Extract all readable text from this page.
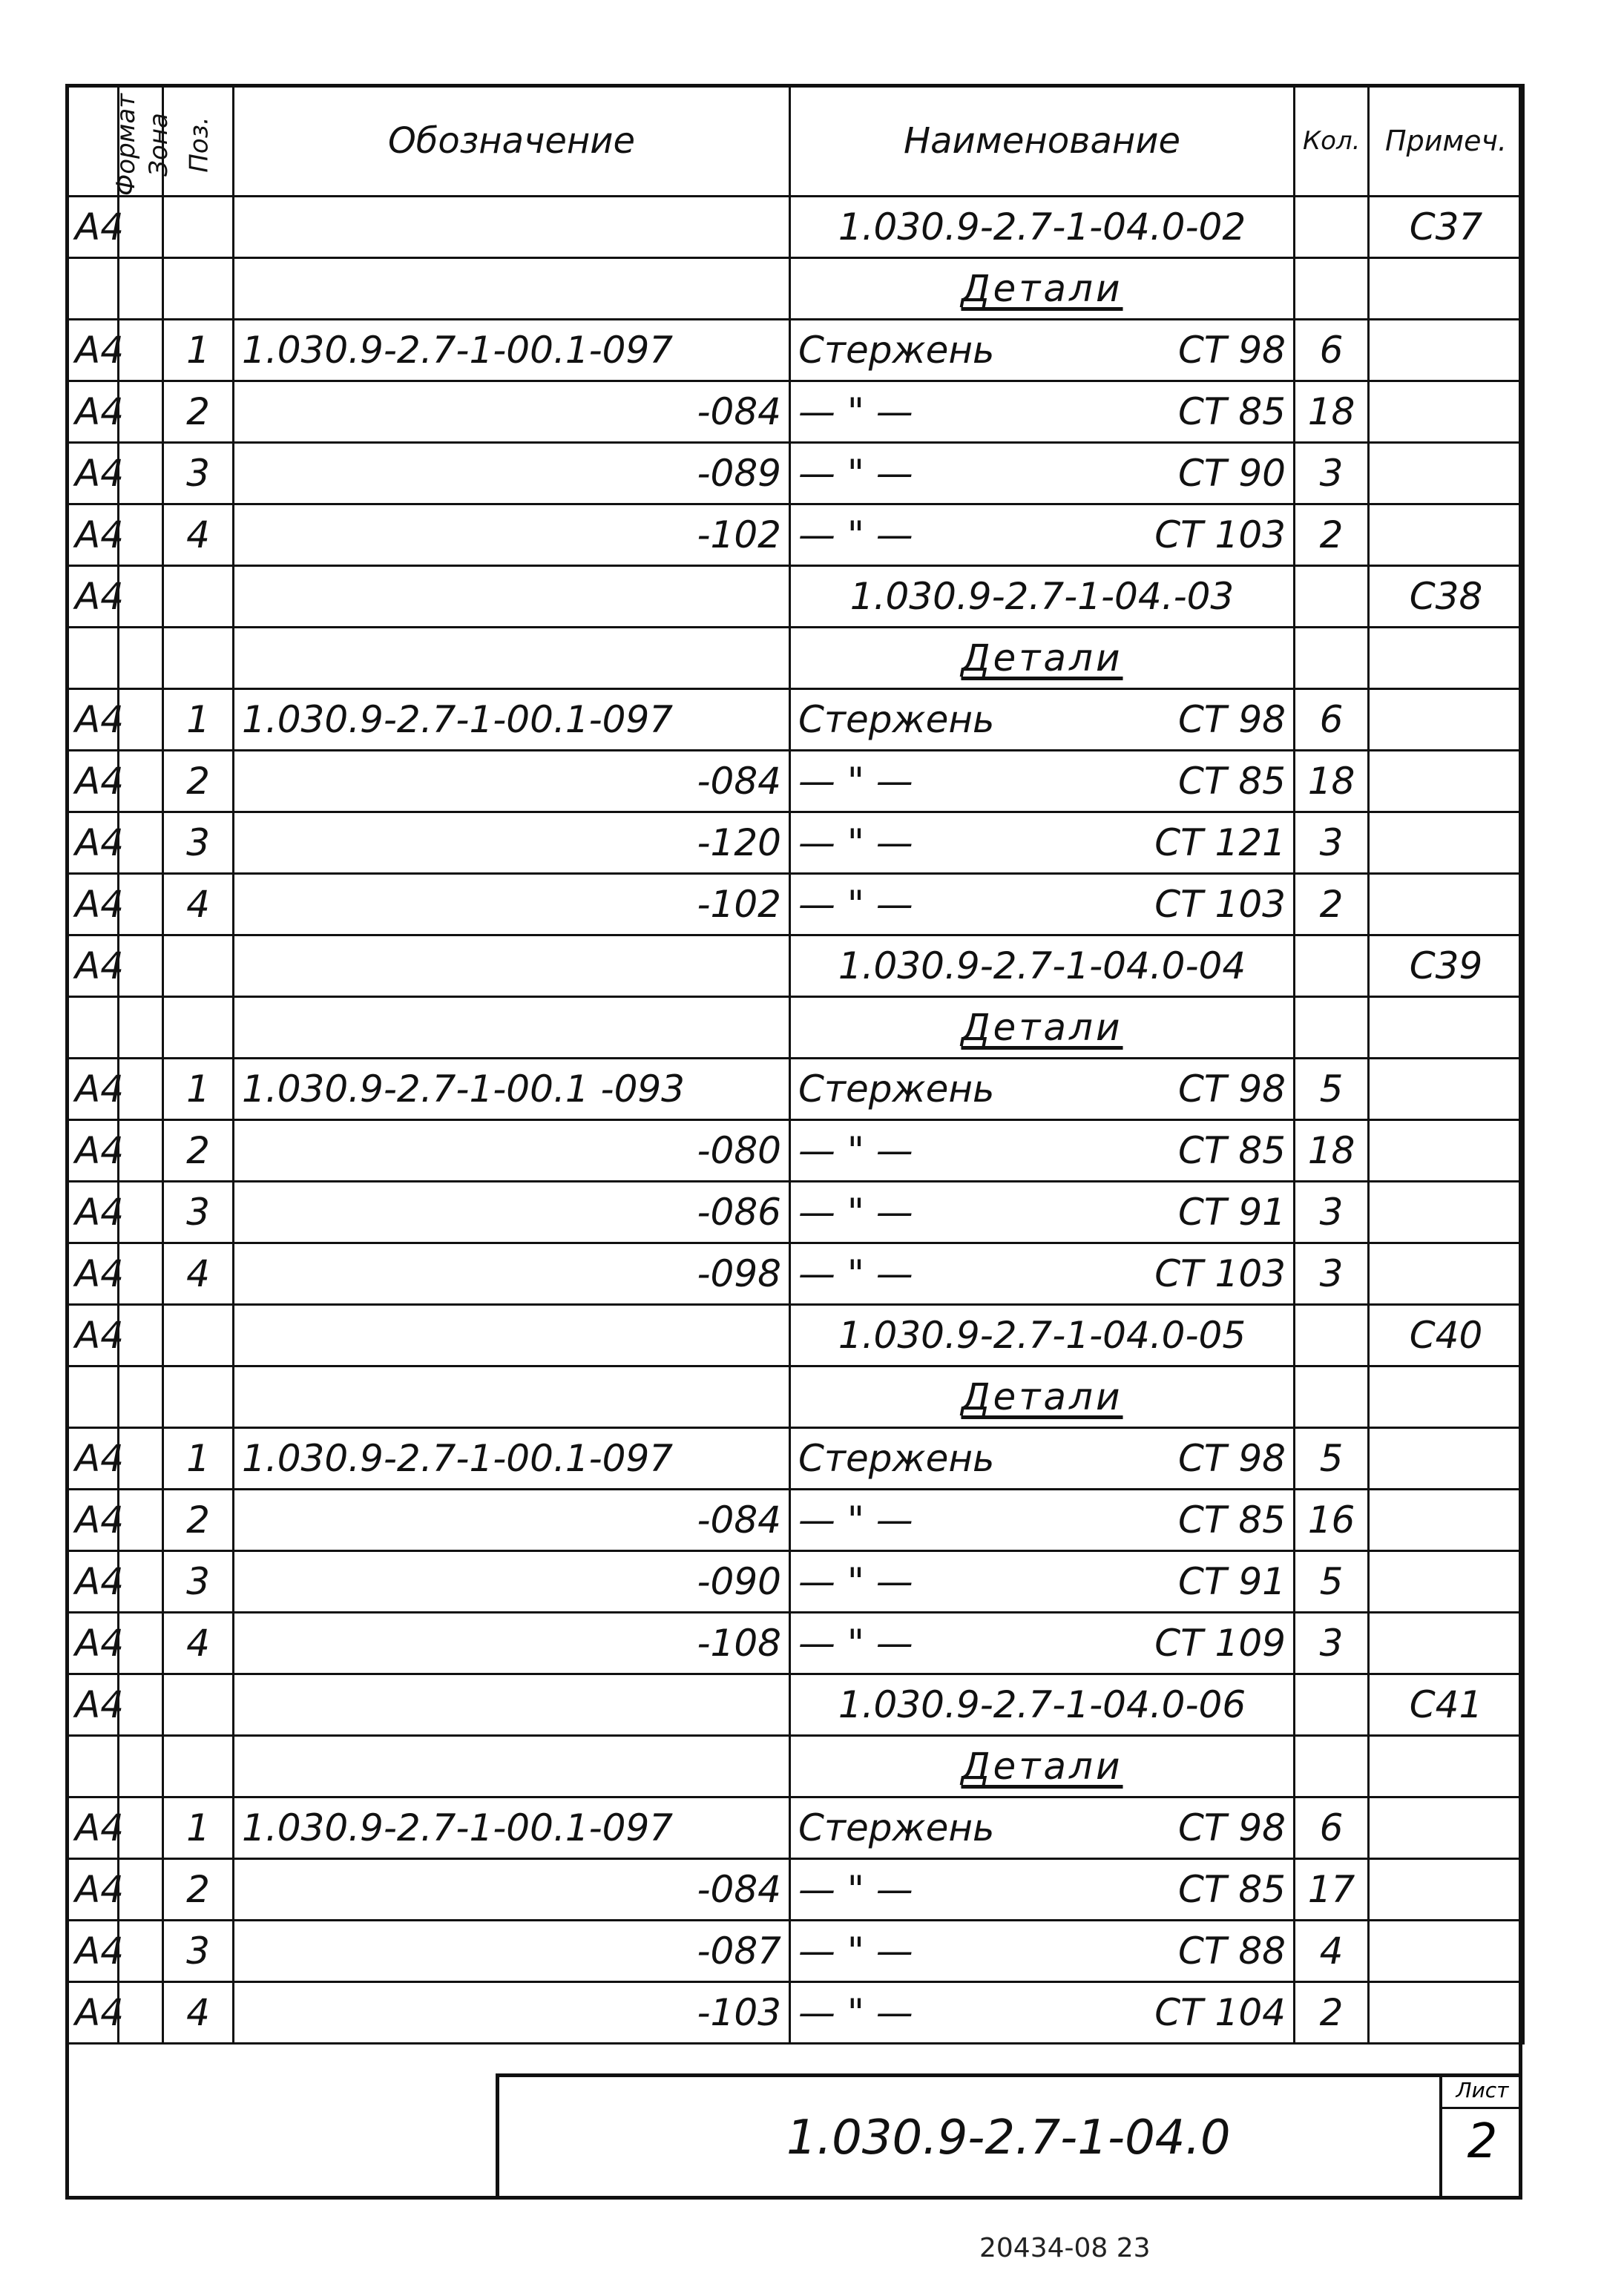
Формат	Зона	Поз.	Обозначение	Наименование	Кол.	Примеч.
А4				1.030.9-2.7-1-04.0-02		С37
				Детали		
А4		1	1.030.9-2.7-1-00.1-097	Стержень СТ 98	6	
А4		2	-084	— " — СТ 85	18	
А4		3	-089	— " — СТ 90	3	
А4		4	-102	— " — СТ 103	2	
А4				1.030.9-2.7-1-04.-03		С38
				Детали		
А4		1	1.030.9-2.7-1-00.1-097	Стержень СТ 98	6	
А4		2	-084	— " — СТ 85	18	
А4		3	-120	— " — СТ 121	3	
А4		4	-102	— " — СТ 103	2	
А4				1.030.9-2.7-1-04.0-04		С39
				Детали		
А4		1	1.030.9-2.7-1-00.1 -093	Стержень СТ 98	5	
А4		2	-080	— " — СТ 85	18	
А4		3	-086	— " — СТ 91	3	
А4		4	-098	— " — СТ 103	3	
А4				1.030.9-2.7-1-04.0-05		С40
				Детали		
А4		1	1.030.9-2.7-1-00.1-097	Стержень СТ 98	5	
А4		2	-084	— " — СТ 85	16	
А4		3	-090	— " — СТ 91	5	
А4		4	-108	— " — СТ 109	3	
А4				1.030.9-2.7-1-04.0-06		С41
				Детали		
А4		1	1.030.9-2.7-1-00.1-097	Стержень СТ 98	6	
А4		2	-084	— " — СТ 85	17	
А4		3	-087	— " — СТ 88	4	
А4		4	-103	— " — СТ 104	2	
1.030.9-2.7-1-04.0
Лист
2
20434-08 23
